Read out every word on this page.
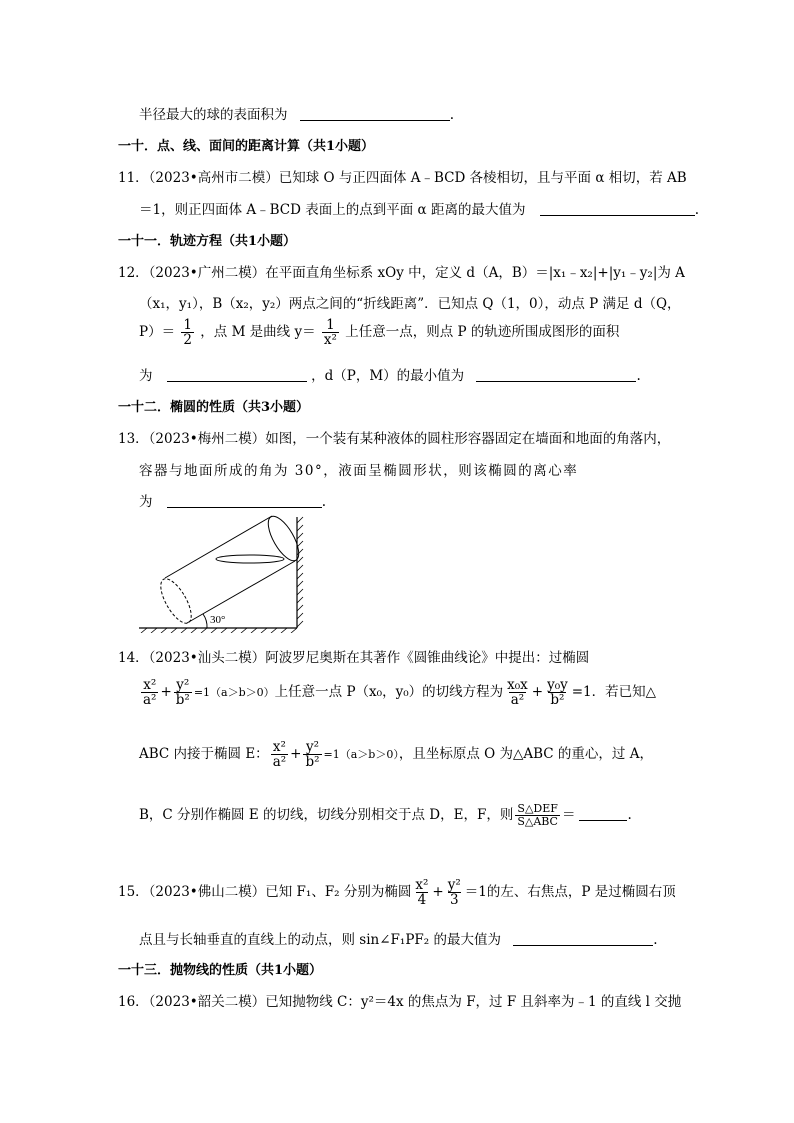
半径最大的球的表面积为	.
一十．点、线、面间的距离计算（共1小题）
11．（2023•高州市二模）已知球 O 与正四面体 A﹣BCD 各棱相切，且与平面 α 相切，若 AB
＝1，则正四面体 A﹣BCD 表面上的点到平面 α 距离的最大值为	.
一十一．轨迹方程（共1小题）
12．（2023•广州二模）在平面直角坐标系 xOy 中，定义 d（A，B）＝|x₁﹣x₂|+|y₁﹣y₂|为 A
（x₁，y₁），B（x₂，y₂）两点之间的“折线距离”．已知点 Q（1，0），动点 P 满足 d（Q，
$P)= \frac{1}{2}$ ，点 M 是曲线 $y= \frac{1}{\text{x²}}$ 上任意一点，则点 P 的轨迹所围成图形的面积
为	，d（P，M）的最小值为	.
一十二．椭圆的性质（共3小题）
13．（2023•梅州二模）如图，一个装有某种液体的圆柱形容器固定在墙面和地面的角落内，
容器与地面所成的角为 30°，液面呈椭圆形状，则该椭圆的离心率
为	.
30°
14．（2023•汕头二模）阿波罗尼奥斯在其著作《圆锥曲线论》中提出：过椭圆
$\frac{\text{x²}}{\text{a²}} + \frac{\text{y²}}{\text{b²}} =1(a>b>0)$上任意一点 P（x₀，y₀）的切线方程为 $\frac{\text{x₀x}}{\text{a²}} + \frac{\text{y₀y}}{\text{b²}} =1$．若已知△
ABC 内接于椭圆 E： $\frac{\text{x²}}{\text{a²}} + \frac{\text{y²}}{\text{b²}} =1(a>b>0)$，且坐标原点 O 为△ABC 的重心，过 A，
B，C 分别作椭圆 E 的切线，切线分别相交于点 D，E，F，则 $\frac{\text{S△DEF}}{\text{S△ABC}}$ ＝	.
15．（2023•佛山二模）已知 F₁、F₂ 分别为椭圆 $\frac{\text{x²}}{4} + \frac{\text{y²}}{3} =1$的左、右焦点，P 是过椭圆右顶
点且与长轴垂直的直线上的动点，则 sin∠F₁PF₂ 的最大值为	.
一十三．抛物线的性质（共1小题）
16．（2023•韶关二模）已知抛物线 C：y²＝4x 的焦点为 F，过 F 且斜率为﹣1 的直线 l 交抛
